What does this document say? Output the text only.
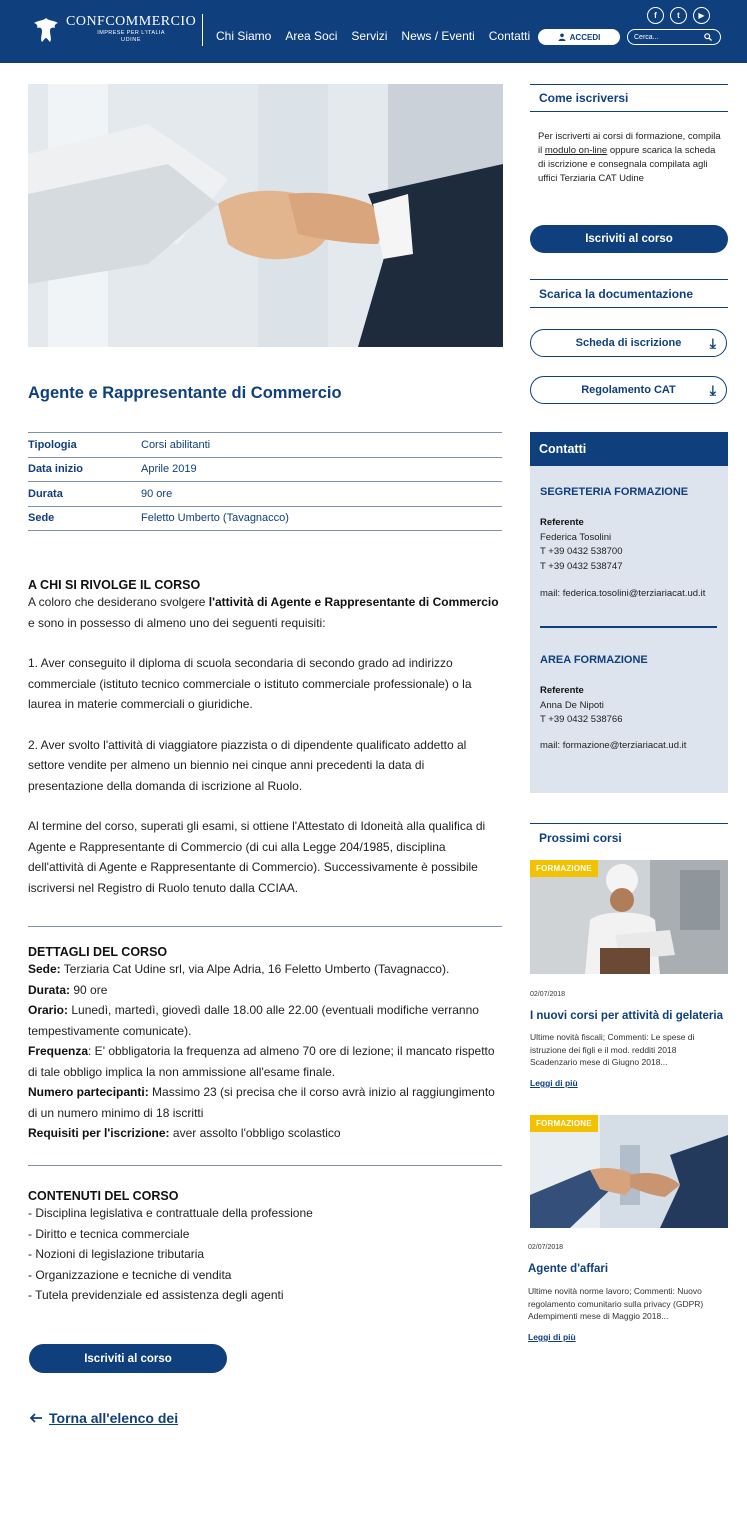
CONFCOMMERCIO
IMPRESE PER L'ITALIA
UDINE	Chi Siamo Area Soci Servizi News / Eventi Contatti
f	t	▶
ACCEDI
Cerca...
Agente e Rappresentante di Commercio
Tipologia	Corsi abilitanti
Data inizio	Aprile 2019
Durata	90 ore
Sede	Feletto Umberto (Tavagnacco)
A CHI SI RIVOLGE IL CORSO

A coloro che desiderano svolgere l'attività di Agente e Rappresentante di Commercio e sono in possesso di almeno uno dei seguenti requisiti:

1. Aver conseguito il diploma di scuola secondaria di secondo grado ad indirizzo commerciale (istituto tecnico commerciale o istituto commerciale professionale) o la laurea in materie commerciali o giuridiche.

2. Aver svolto l'attività di viaggiatore piazzista o di dipendente qualificato addetto al settore vendite per almeno un biennio nei cinque anni precedenti la data di presentazione della domanda di iscrizione al Ruolo.

Al termine del corso, superati gli esami, si ottiene l'Attestato di Idoneità alla qualifica di Agente e Rappresentante di Commercio (di cui alla Legge 204/1985, disciplina dell'attività di Agente e Rappresentante di Commercio). Successivamente è possibile iscriversi nel Registro di Ruolo tenuto dalla CCIAA.

DETTAGLI DEL CORSO

Sede: Terziaria Cat Udine srl, via Alpe Adria, 16 Feletto Umberto (Tavagnacco).

Durata: 90 ore

Orario: Lunedì, martedì, giovedì dalle 18.00 alle 22.00 (eventuali modifiche verranno tempestivamente comunicate).

Frequenza: E' obbligatoria la frequenza ad almeno 70 ore di lezione; il mancato rispetto di tale obbligo implica la non ammissione all'esame finale.

Numero partecipanti: Massimo 23 (si precisa che il corso avrà inizio al raggiungimento di un numero minimo di 18 iscritti

Requisiti per l'iscrizione: aver assolto l'obbligo scolastico

CONTENUTI DEL CORSO

- Disciplina legislativa e contrattuale della professione

- Diritto e tecnica commerciale

- Nozioni di legislazione tributaria

- Organizzazione e tecniche di vendita

- Tutela previdenziale ed assistenza degli agenti

Iscriviti al corso
Torna all'elenco dei
Come iscriversi

Per iscriverti ai corsi di formazione, compila il modulo on-line oppure scarica la scheda di iscrizione e consegnala compilata agli uffici Terziaria CAT Udine

Iscriviti al corso
Scarica la documentazione
Scheda di iscrizione ⤓
Regolamento CAT ⤓
Contatti
SEGRETERIA FORMAZIONE
Referente
Federica Tosolini
T +39 0432 538700
T +39 0432 538747
mail: federica.tosolini@terziariacat.ud.it
AREA FORMAZIONE
Referente
Anna De Nipoti
T +39 0432 538766
mail: formazione@terziariacat.ud.it
Prossimi corsi
FORMAZIONE
02/07/2018
I nuovi corsi per attività di gelateria

Ultime novità fiscali; Commenti: Le spese di istruzione dei figli e il mod. redditi 2018 Scadenzario mese di Giugno 2018...

Leggi di più
FORMAZIONE
02/07/2018
Agente d'affari

Ultime novità norme lavoro; Commenti: Nuovo regolamento comunitario sulla privacy (GDPR) Adempimenti mese di Maggio 2018...

Leggi di più
